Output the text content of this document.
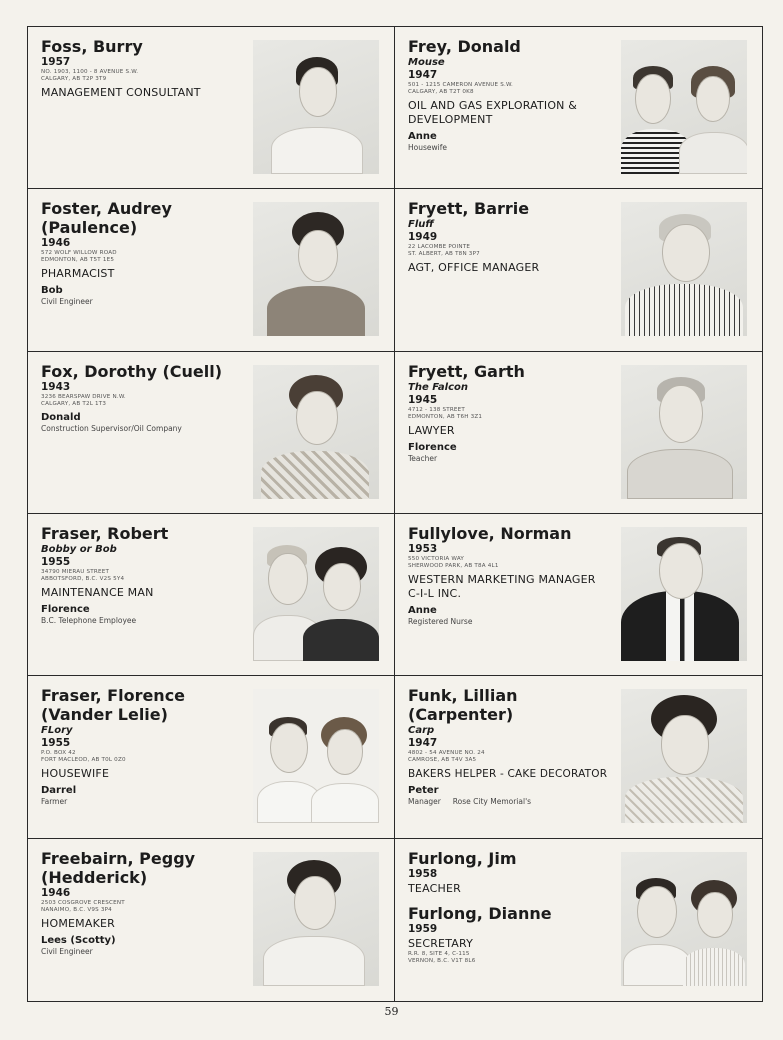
Foss, Burry
1957
NO. 1903, 1100 - 8 AVENUE S.W.
CALGARY, AB T2P 3T9
MANAGEMENT CONSULTANT
Frey, Donald
Mouse
1947
501 - 1215 CAMERON AVENUE S.W.
CALGARY, AB T2T 0K8
OIL AND GAS EXPLORATION &
DEVELOPMENT
Anne
Housewife
Foster, Audrey
(Paulence)
1946
572 WOLF WILLOW ROAD
EDMONTON, AB T5T 1E5
PHARMACIST
Bob
Civil Engineer
Fryett, Barrie
Fluff
1949
22 LACOMBE POINTE
ST. ALBERT, AB T8N 3P7
AGT, OFFICE MANAGER
Fox, Dorothy (Cuell)
1943
3236 BEARSPAW DRIVE N.W.
CALGARY, AB T2L 1T3
Donald
Construction Supervisor/Oil Company
Fryett, Garth
The Falcon
1945
4712 - 138 STREET
EDMONTON, AB T6H 3Z1
LAWYER
Florence
Teacher
Fraser, Robert
Bobby or Bob
1955
34790 MIERAU STREET
ABBOTSFORD, B.C. V2S 5Y4
MAINTENANCE MAN
Florence
B.C. Telephone Employee
Fullylove, Norman
1953
550 VICTORIA WAY
SHERWOOD PARK, AB T8A 4L1
WESTERN MARKETING MANAGER
C-I-L INC.
Anne
Registered Nurse
Fraser, Florence
(Vander Lelie)
FLory
1955
P.O. BOX 42
FORT MACLEOD, AB T0L 0Z0
HOUSEWIFE
Darrel
Farmer
Funk, Lillian
(Carpenter)
Carp
1947
4802 - 54 AVENUE NO. 24
CAMROSE, AB T4V 3A5
BAKERS HELPER - CAKE DECORATOR
Peter
Manager     Rose City Memorial's
Freebairn, Peggy
(Hedderick)
1946
2503 COSGROVE CRESCENT
NANAIMO, B.C. V9S 3P4
HOMEMAKER
Lees (Scotty)
Civil Engineer
Furlong, Jim
1958
TEACHER
Furlong, Dianne
1959
SECRETARY
R.R. 8, SITE 4, C-115
VERNON, B.C. V1T 8L6
59
